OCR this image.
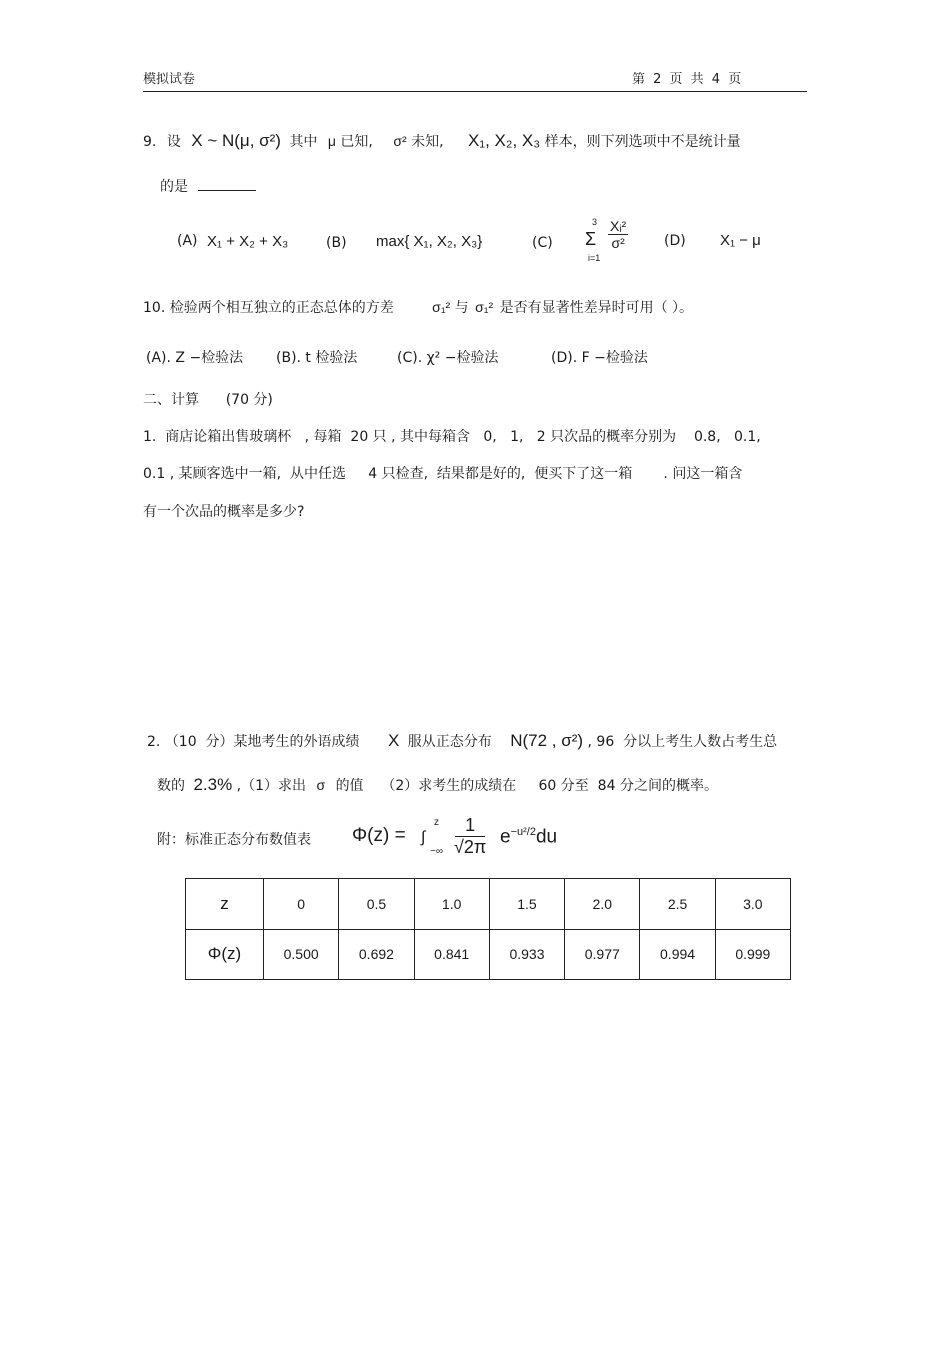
模拟试卷	第 2 页 共 4 页
9. 设 X ~ N(μ, σ²) 其中 μ 已知, σ² 未知, X₁, X₂, X₃ 样本，则下列选项中不是统计量
的是
(A) X₁ + X₂ + X₃	(B) max{ X₁, X₂, X₃}	(C)
3
Σ
i=1
$\frac{\text{Xᵢ²}}{\text{σ²}}$	(D) X₁ − μ
10. 检验两个相互独立的正态总体的方差	σ₁² 与 σ₁² 是否有显著性差异时可用（ ）。
(A). Z −检验法 (B). t 检验法	(C). χ² −检验法	(D). F −检验法
二、计算      (70 分)
1.  商店论箱出售玻璃杯   , 每箱  20 只 , 其中每箱含   0,   1,   2 只次品的概率分别为    0.8,   0.1,
0.1 , 某顾客选中一箱,  从中任选     4 只检查,  结果都是好的,  便买下了这一箱       . 问这一箱含
有一个次品的概率是多少?
2. （10  分）某地考生的外语成绩 X 服从正态分布 N(72 , σ²) , 96  分以上考生人数占考生总
数的 2.3% ,（1）求出 σ 的值    （2）求考生的成绩在     60 分至  84 分之间的概率。
附：标准正态分布数值表 Φ(z) = ∫
z
−∞ $\frac{1}{√2\pi} e^{-u^2/2}du$
z	0	0.5	1.0	1.5	2.0	2.5	3.0
Φ(z)	0.500	0.692	0.841	0.933	0.977	0.994	0.999
